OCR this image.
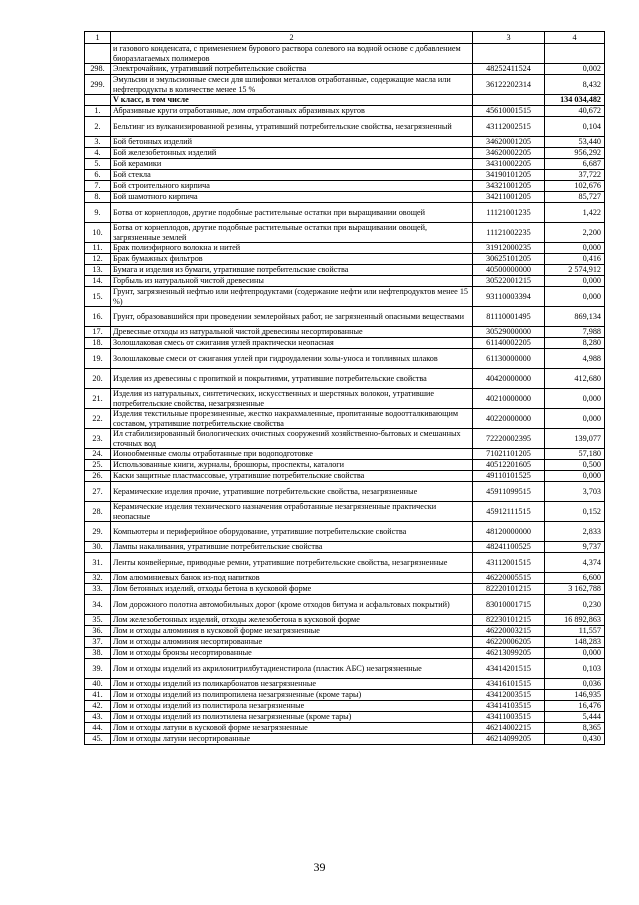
1	2	3	4
	и газового конденсата, с применением бурового раствора солевого на водной основе с добавлением биоразлагаемых полимеров		
298.	Электрочайник, утративший потребительские свойства	48252411524	0,002
299.	Эмульсии и эмульсионные смеси для шлифовки металлов отработанные, содержащие масла или нефтепродукты в количестве менее 15 %	36122202314	8,432
	V класс, в том числе		134 034,482
1.	Абразивные круги отработанные, лом отработанных абразивных кругов	45610001515	40,672
2.	Бельтинг из вулканизированной резины, утративший потребительские свойства, незагрязненный	43112002515	0,104
3.	Бой бетонных изделий	34620001205	53,440
4.	Бой железобетонных изделий	34620002205	956,292
5.	Бой керамики	34310002205	6,687
6.	Бой стекла	34190101205	37,722
7.	Бой строительного кирпича	34321001205	102,676
8.	Бой шамотного кирпича	34211001205	85,727
9.	Ботва от корнеплодов, другие подобные растительные остатки при выращивании овощей	11121001235	1,422
10.	Ботва от корнеплодов, другие подобные растительные остатки при выращивании овощей, загрязненные землей	11121002235	2,200
11.	Брак полиэфирного волокна и нитей	31912000235	0,000
12.	Брак бумажных фильтров	30625101205	0,416
13.	Бумага и изделия из бумаги, утратившие потребительские свойства	40500000000	2 574,912
14.	Горбыль из натуральной чистой древесины	30522001215	0,000
15.	Грунт, загрязненный нефтью или нефтепродуктами (содержание нефти или нефтепродуктов менее 15 %)	93110003394	0,000
16.	Грунт, образовавшийся при проведении землеройных работ, не загрязненный опасными веществами	81110001495	869,134
17.	Древесные отходы из натуральной чистой древесины несортированные	30529000000	7,988
18.	Золошлаковая смесь от сжигания углей практически неопасная	61140002205	8,280
19.	Золошлаковые смеси от сжигания углей при гидроудалении золы-уноса и топливных шлаков	61130000000	4,988
20.	Изделия из древесины с пропиткой и покрытиями, утратившие потребительские свойства	40420000000	412,680
21.	Изделия из натуральных, синтетических, искусственных и шерстяных волокон, утратившие потребительские свойства, незагрязненные	40210000000	0,000
22.	Изделия текстильные прорезиненные, жестко накрахмаленные, пропитанные водоотталкивающим составом, утратившие потребительские свойства	40220000000	0,000
23.	Ил стабилизированный биологических очистных сооружений хозяйственно-бытовых и смешанных сточных вод	72220002395	139,077
24.	Ионообменные смолы отработанные при водоподготовке	71021101205	57,180
25.	Использованные книги, журналы, брошюры, проспекты, каталоги	40512201605	0,500
26.	Каски защитные пластмассовые, утратившие потребительские свойства	49110101525	0,000
27.	Керамические изделия прочие, утратившие потребительские свойства, незагрязненные	45911099515	3,703
28.	Керамические изделия технического назначения отработанные незагрязненные практически неопасные	45912111515	0,152
29.	Компьютеры и периферийное оборудование, утратившие потребительские свойства	48120000000	2,833
30.	Лампы накаливания, утратившие потребительские свойства	48241100525	9,737
31.	Ленты конвейерные, приводные ремни, утратившие потребительские свойства, незагрязненные	43112001515	4,374
32.	Лом алюминиевых банок из-под напитков	46220005515	6,600
33.	Лом бетонных изделий, отходы бетона в кусковой форме	82220101215	3 162,788
34.	Лом дорожного полотна автомобильных дорог (кроме отходов битума и асфальтовых покрытий)	83010001715	0,230
35.	Лом железобетонных изделий, отходы железобетона в кусковой форме	82230101215	16 892,863
36.	Лом и отходы алюминия в кусковой форме незагрязненные	46220003215	11,557
37.	Лом и отходы алюминия несортированные	46220006205	148,283
38.	Лом и отходы бронзы несортированные	46213099205	0,000
39.	Лом и отходы изделий из акрилонитрилбутадиенстирола (пластик АБС) незагрязненные	43414201515	0,103
40.	Лом и отходы изделий из поликарбонатов незагрязненные	43416101515	0,036
41.	Лом и отходы изделий из полипропилена незагрязненные (кроме тары)	43412003515	146,935
42.	Лом и отходы изделий из полистирола незагрязненные	43414103515	16,476
43.	Лом и отходы изделий из полиэтилена незагрязненные (кроме тары)	43411003515	5,444
44.	Лом и отходы латуни в кусковой форме незагрязненные	46214002215	8,365
45.	Лом и отходы латуни несортированные	46214099205	0,430
39
